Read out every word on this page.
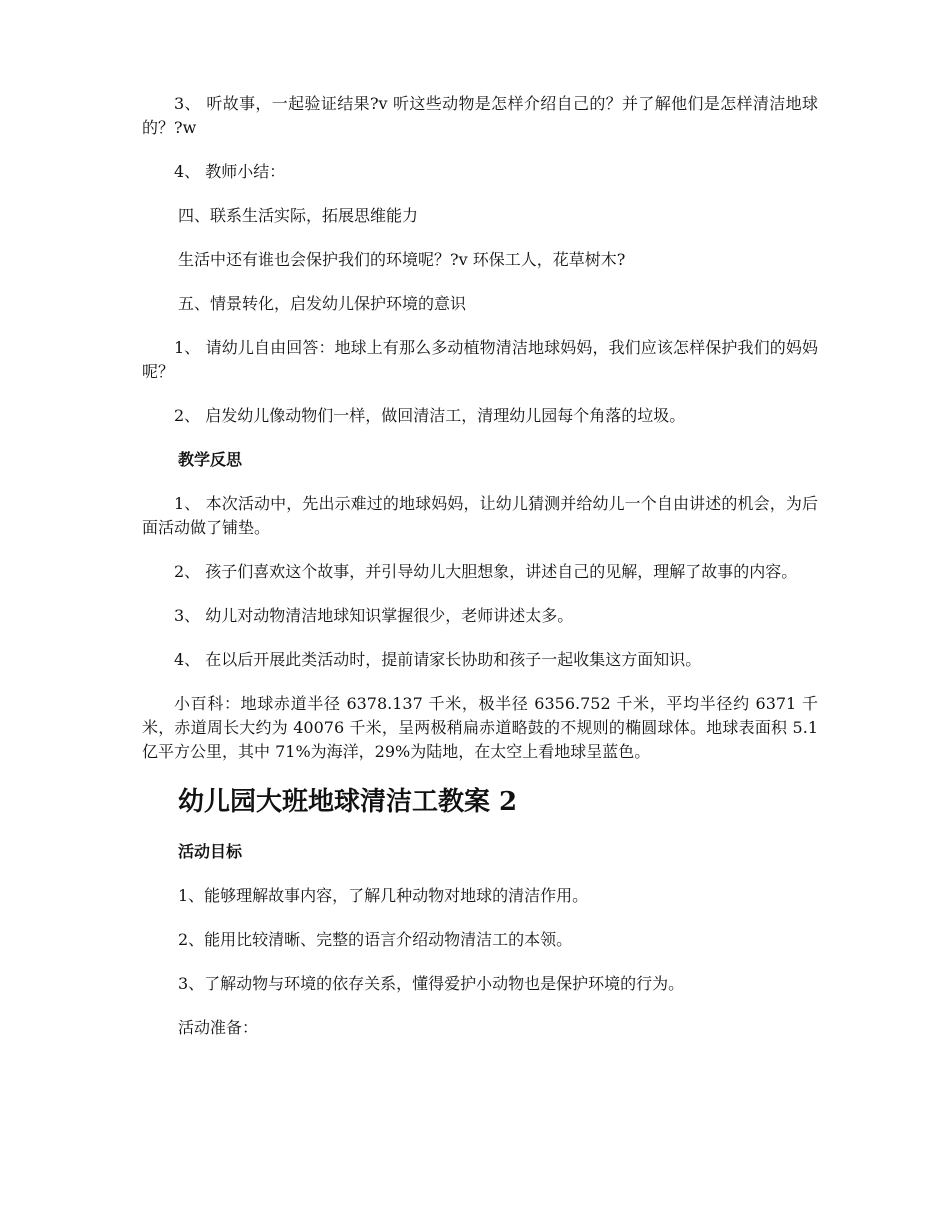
3、 听故事，一起验证结果?v 听这些动物是怎样介绍自己的？并了解他们是怎样清洁地球的？?w

4、 教师小结：

四、联系生活实际，拓展思维能力

生活中还有谁也会保护我们的环境呢？?v 环保工人，花草树木?

五、情景转化，启发幼儿保护环境的意识

1、 请幼儿自由回答：地球上有那么多动植物清洁地球妈妈，我们应该怎样保护我们的妈妈呢？

2、 启发幼儿像动物们一样，做回清洁工，清理幼儿园每个角落的垃圾。

教学反思

1、 本次活动中，先出示难过的地球妈妈，让幼儿猜测并给幼儿一个自由讲述的机会，为后面活动做了铺垫。

2、 孩子们喜欢这个故事，并引导幼儿大胆想象，讲述自己的见解，理解了故事的内容。

3、 幼儿对动物清洁地球知识掌握很少，老师讲述太多。

4、 在以后开展此类活动时，提前请家长协助和孩子一起收集这方面知识。

小百科：地球赤道半径 6378.137 千米，极半径 6356.752 千米，平均半径约 6371 千米，赤道周长大约为 40076 千米，呈两极稍扁赤道略鼓的不规则的椭圆球体。地球表面积 5.1 亿平方公里，其中 71%为海洋，29%为陆地，在太空上看地球呈蓝色。

幼儿园大班地球清洁工教案 2

活动目标

1、能够理解故事内容，了解几种动物对地球的清洁作用。

2、能用比较清晰、完整的语言介绍动物清洁工的本领。

3、了解动物与环境的依存关系，懂得爱护小动物也是保护环境的行为。

活动准备：
